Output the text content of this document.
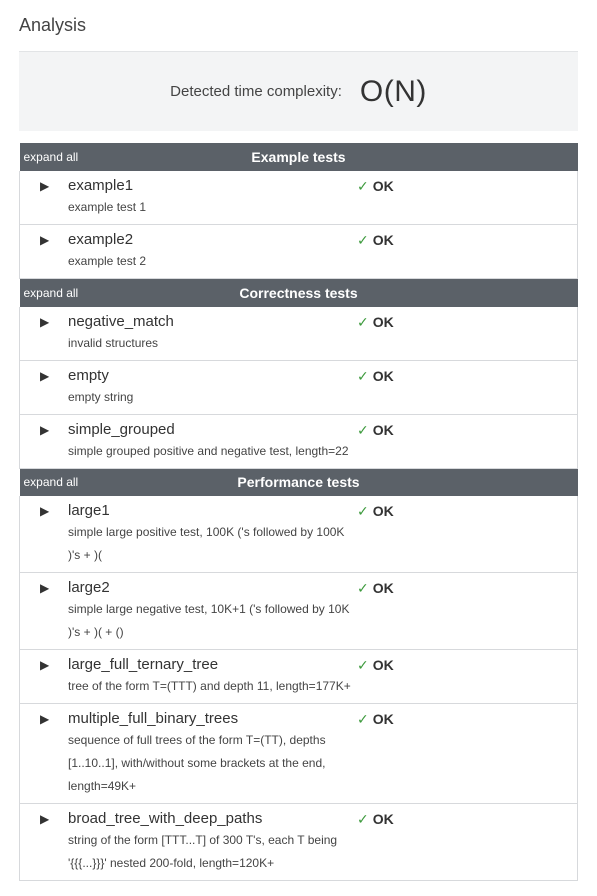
Analysis
Detected time complexity: O(N)
expand all	Example tests

▶ example1
example test 1
✓ OK

▶ example2
example test 2
✓ OK

expand all	Correctness tests

▶ negative_match
invalid structures
✓ OK

▶ empty
empty string
✓ OK

▶ simple_grouped
simple grouped positive and negative test, length=22
✓ OK

expand all	Performance tests

▶ large1
simple large positive test, 100K ('s followed by 100K )'s + )(
✓ OK

▶ large2
simple large negative test, 10K+1 ('s followed by 10K )'s + )( + ()
✓ OK

▶ large_full_ternary_tree
tree of the form T=(TTT) and depth 11, length=177K+
✓ OK

▶ multiple_full_binary_trees
sequence of full trees of the form T=(TT), depths [1..10..1], with/without some brackets at the end, length=49K+
✓ OK

▶ broad_tree_with_deep_paths
string of the form [TTT...T] of 300 T's, each T being '{{{...}}}' nested 200-fold, length=120K+
✓ OK
